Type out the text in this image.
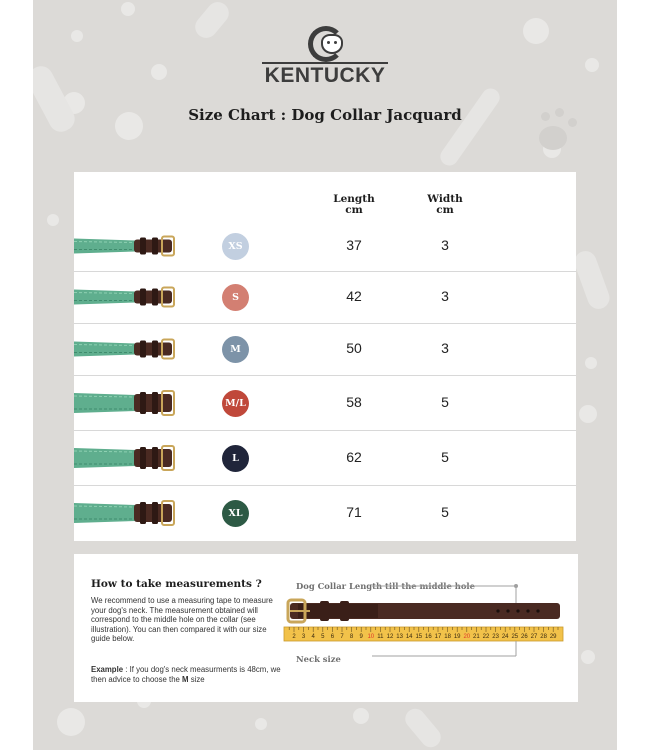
KENTUCKY
Size Chart : Dog Collar Jacquard
Length
cm
Width
cm
XS	37	3
S	42	3
M	50	3
M/L	58	5
L	62	5
XL	71	5
How to take measurements ?
We recommend to use a measuring tape to measure your dog's neck. The measurement obtained will correspond to the middle hole on the collar (see illustration). You can then compared it with our size guide below.
Example : If you dog's neck measurments is 48cm, we then advice to choose the M size
Dog Collar Length till the middle hole
Neck size
2 3 4 5 6 7 8 9 10 11 12 13 14 15 16 17 18 19 20 21 22 23 24 25 26 27 28 29
